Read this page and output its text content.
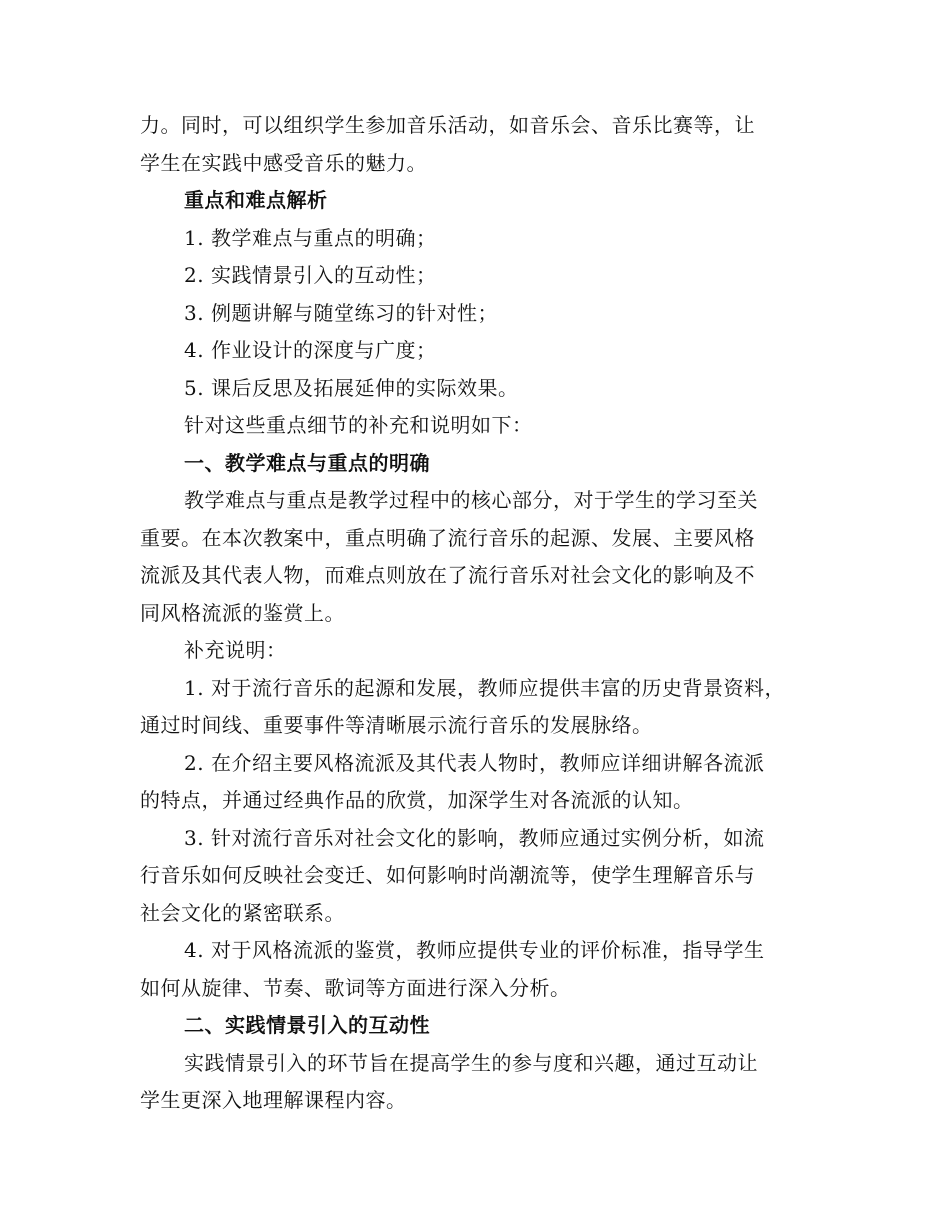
力。同时，可以组织学生参加音乐活动，如音乐会、音乐比赛等，让
学生在实践中感受音乐的魅力。
重点和难点解析
1. 教学难点与重点的明确；
2. 实践情景引入的互动性；
3. 例题讲解与随堂练习的针对性；
4. 作业设计的深度与广度；
5. 课后反思及拓展延伸的实际效果。
针对这些重点细节的补充和说明如下：
一、教学难点与重点的明确
教学难点与重点是教学过程中的核心部分，对于学生的学习至关
重要。在本次教案中，重点明确了流行音乐的起源、发展、主要风格
流派及其代表人物，而难点则放在了流行音乐对社会文化的影响及不
同风格流派的鉴赏上。
补充说明：
1. 对于流行音乐的起源和发展，教师应提供丰富的历史背景资料，
通过时间线、重要事件等清晰展示流行音乐的发展脉络。
2. 在介绍主要风格流派及其代表人物时，教师应详细讲解各流派
的特点，并通过经典作品的欣赏，加深学生对各流派的认知。
3. 针对流行音乐对社会文化的影响，教师应通过实例分析，如流
行音乐如何反映社会变迁、如何影响时尚潮流等，使学生理解音乐与
社会文化的紧密联系。
4. 对于风格流派的鉴赏，教师应提供专业的评价标准，指导学生
如何从旋律、节奏、歌词等方面进行深入分析。
二、实践情景引入的互动性
实践情景引入的环节旨在提高学生的参与度和兴趣，通过互动让
学生更深入地理解课程内容。
